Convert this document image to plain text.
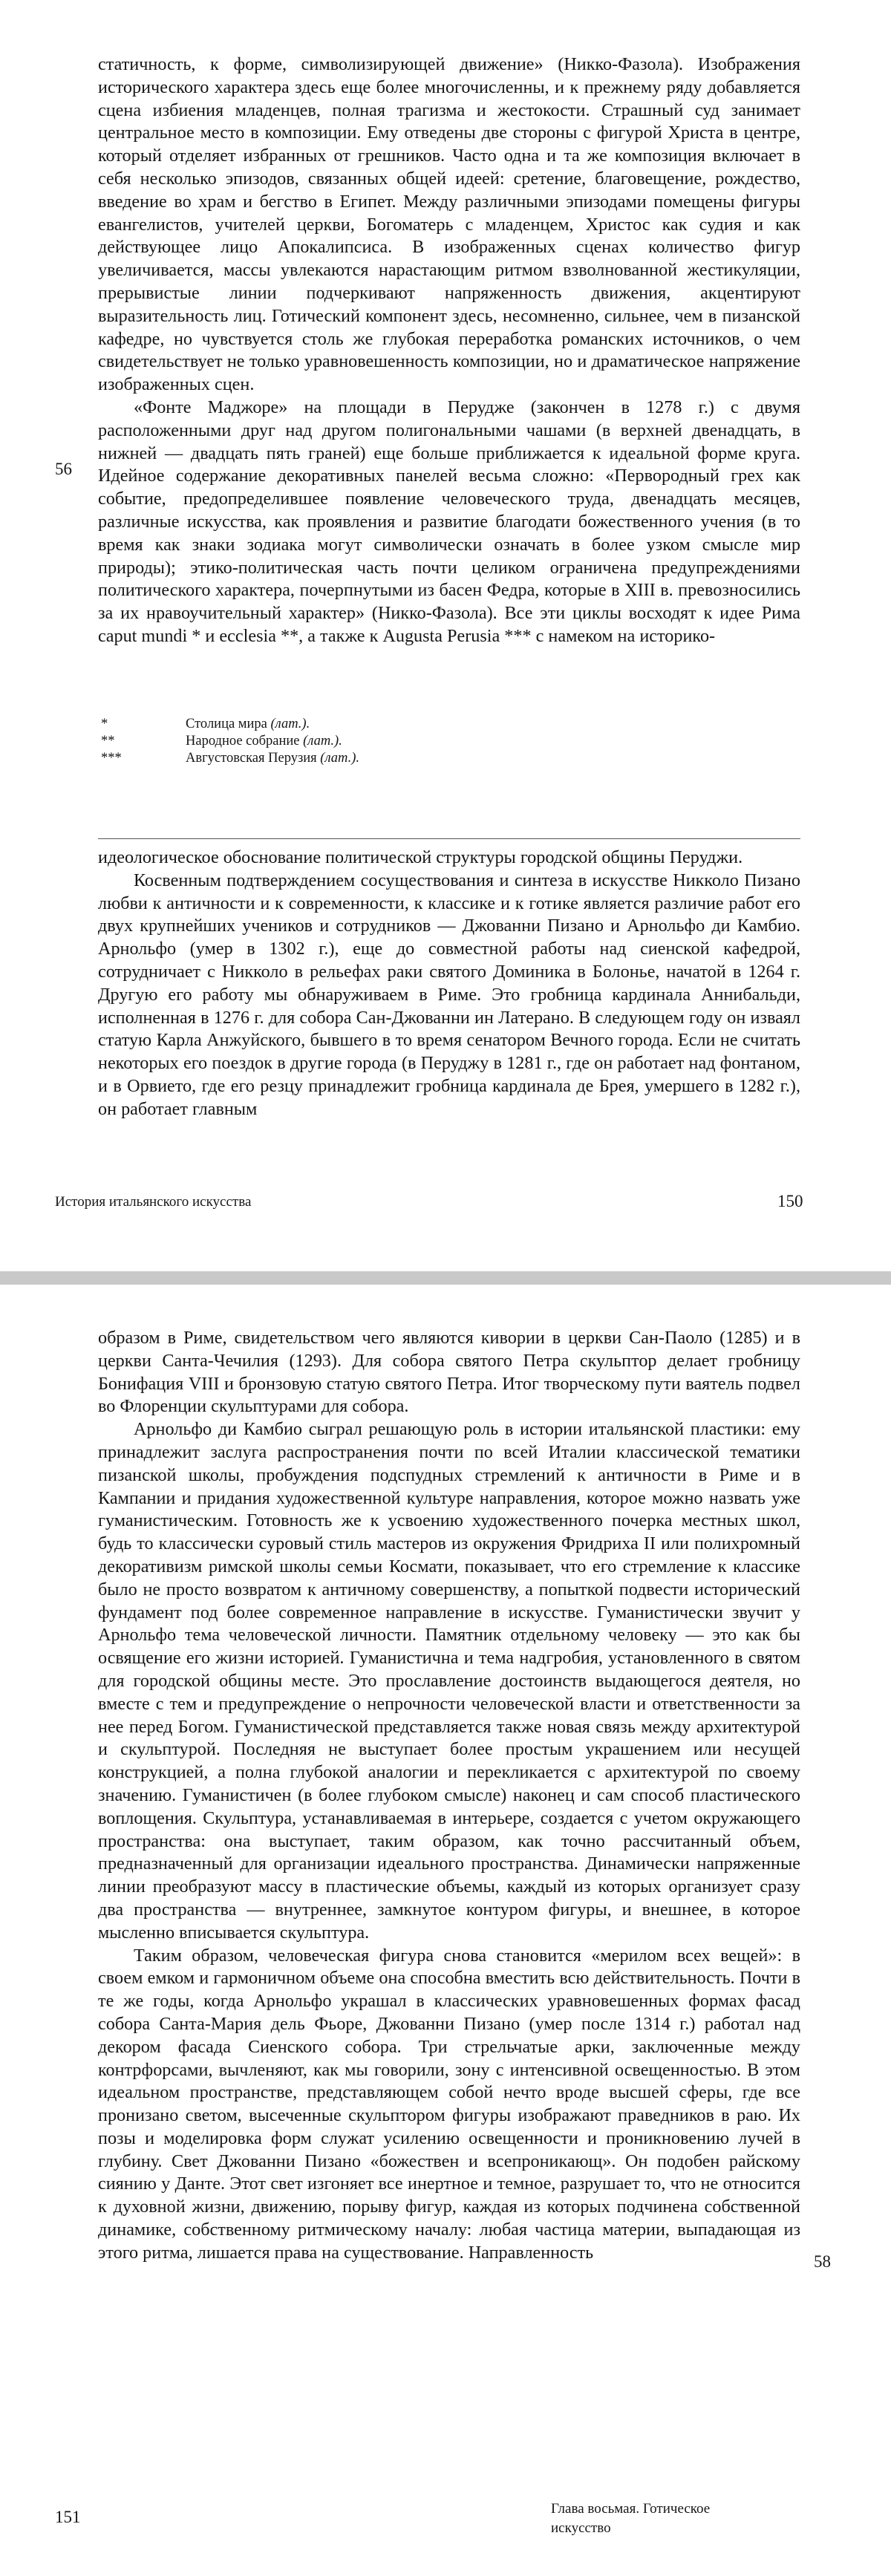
статичность, к форме, символизирующей движение» (Никко-Фазола). Изображения исторического характера здесь еще более многочисленны, и к прежнему ряду добавляется сцена избиения младенцев, полная трагизма и жестокости. Страшный суд занимает центральное место в композиции. Ему отведены две стороны с фигурой Христа в центре, который отделяет избранных от грешников. Часто одна и та же композиция включает в себя несколько эпизодов, связанных общей идеей: сретение, благовещение, рождество, введение во храм и бегство в Египет. Между различными эпизодами помещены фигуры евангелистов, учителей церкви, Богоматерь с младенцем, Христос как судия и как действующее лицо Апокалипсиса. В изображенных сценах количество фигур увеличивается, массы увлекаются нарастающим ритмом взволнованной жестикуляции, прерывистые линии подчеркивают напряженность движения, акцентируют выразительность лиц. Готический компонент здесь, несомненно, сильнее, чем в пизанской кафедре, но чувствуется столь же глубокая переработка романских источников, о чем свидетельствует не только уравновешенность композиции, но и драматическое напряжение изображенных сцен.

«Фонте Маджоре» на площади в Перудже (закончен в 1278 г.) с двумя расположенными друг над другом полигональными чашами (в верхней двенадцать, в нижней — двадцать пять граней) еще больше приближается к идеальной форме круга. Идейное содержание декоративных панелей весьма сложно: «Первородный грех как событие, предопределившее появление человеческого труда, двенадцать месяцев, различные искусства, как проявления и развитие благодати божественного учения (в то время как знаки зодиака могут символически означать в более узком смысле мир природы); этико-политическая часть почти целиком ограничена предупреждениями политического характера, почерпнутыми из басен Федра, которые в XIII в. превозносились за их нравоучительный характер» (Никко-Фазола). Все эти циклы восходят к идее Рима caput mundi * и ecclesia **, а также к Augusta Perusia *** с намеком на историко-

56
*	Столица мира (лат.).
**	Народное собрание (лат.).
***	Августовская Перузия (лат.).

идеологическое обоснование политической структуры городской общины Перуджи.

Косвенным подтверждением сосуществования и синтеза в искусстве Никколо Пизано любви к античности и к современности, к классике и к готике является различие работ его двух крупнейших учеников и сотрудников — Джованни Пизано и Арнольфо ди Камбио. Арнольфо (умер в 1302 г.), еще до совместной работы над сиенской кафедрой, сотрудничает с Никколо в рельефах раки святого Доминика в Болонье, начатой в 1264 г. Другую его работу мы обнаруживаем в Риме. Это гробница кардинала Аннибальди, исполненная в 1276 г. для собора Сан-Джованни ин Латерано. В следующем году он изваял статую Карла Анжуйского, бывшего в то время сенатором Вечного города. Если не считать некоторых его поездок в другие города (в Перуджу в 1281 г., где он работает над фонтаном, и в Орвието, где его резцу принадлежит гробница кардинала де Брея, умершего в 1282 г.), он работает главным

История итальянского искусства	150

образом в Риме, свидетельством чего являются кивории в церкви Сан-Паоло (1285) и в церкви Санта-Чечилия (1293). Для собора святого Петра скульптор делает гробницу Бонифация VIII и бронзовую статую святого Петра. Итог творческому пути ваятель подвел во Флоренции скульптурами для собора.

Арнольфо ди Камбио сыграл решающую роль в истории итальянской пластики: ему принадлежит заслуга распространения почти по всей Италии классической тематики пизанской школы, пробуждения подспудных стремлений к античности в Риме и в Кампании и придания художественной культуре направления, которое можно назвать уже гуманистическим. Готовность же к усвоению художественного почерка местных школ, будь то классически суровый стиль мастеров из окружения Фридриха II или полихромный декоративизм римской школы семьи Космати, показывает, что его стремление к классике было не просто возвратом к античному совершенству, а попыткой подвести исторический фундамент под более современное направление в искусстве. Гуманистически звучит у Арнольфо тема человеческой личности. Памятник отдельному человеку — это как бы освящение его жизни историей. Гуманистична и тема надгробия, установленного в святом для городской общины месте. Это прославление достоинств выдающегося деятеля, но вместе с тем и предупреждение о непрочности человеческой власти и ответственности за нее перед Богом. Гуманистической представляется также новая связь между архитектурой и скульптурой. Последняя не выступает более простым украшением или несущей конструкцией, а полна глубокой аналогии и перекликается с архитектурой по своему значению. Гуманистичен (в более глубоком смысле) наконец и сам способ пластического воплощения. Скульптура, устанавливаемая в интерьере, создается с учетом окружающего пространства: она выступает, таким образом, как точно рассчитанный объем, предназначенный для организации идеального пространства. Динамически напряженные линии преобразуют массу в пластические объемы, каждый из которых организует сразу два пространства — внутреннее, замкнутое контуром фигуры, и внешнее, в которое мысленно вписывается скульптура.

Таким образом, человеческая фигура снова становится «мерилом всех вещей»: в своем емком и гармоничном объеме она способна вместить всю действительность. Почти в те же годы, когда Арнольфо украшал в классических уравновешенных формах фасад собора Санта-Мария дель Фьоре, Джованни Пизано (умер после 1314 г.) работал над декором фасада Сиенского собора. Три стрельчатые арки, заключенные между контрфорсами, вычленяют, как мы говорили, зону с интенсивной освещенностью. В этом идеальном пространстве, представляющем собой нечто вроде высшей сферы, где все пронизано светом, высеченные скульптором фигуры изображают праведников в раю. Их позы и моделировка форм служат усилению освещенности и проникновению лучей в глубину. Свет Джованни Пизано «божествен и всепроникающ». Он подобен райскому сиянию у Данте. Этот свет изгоняет все инертное и темное, разрушает то, что не относится к духовной жизни, движению, порыву фигур, каждая из которых подчинена собственной динамике, собственному ритмическому началу: любая частица материи, выпадающая из этого ритма, лишается права на существование. Направленность	58
151	Глава восьмая. Готическое искусство
